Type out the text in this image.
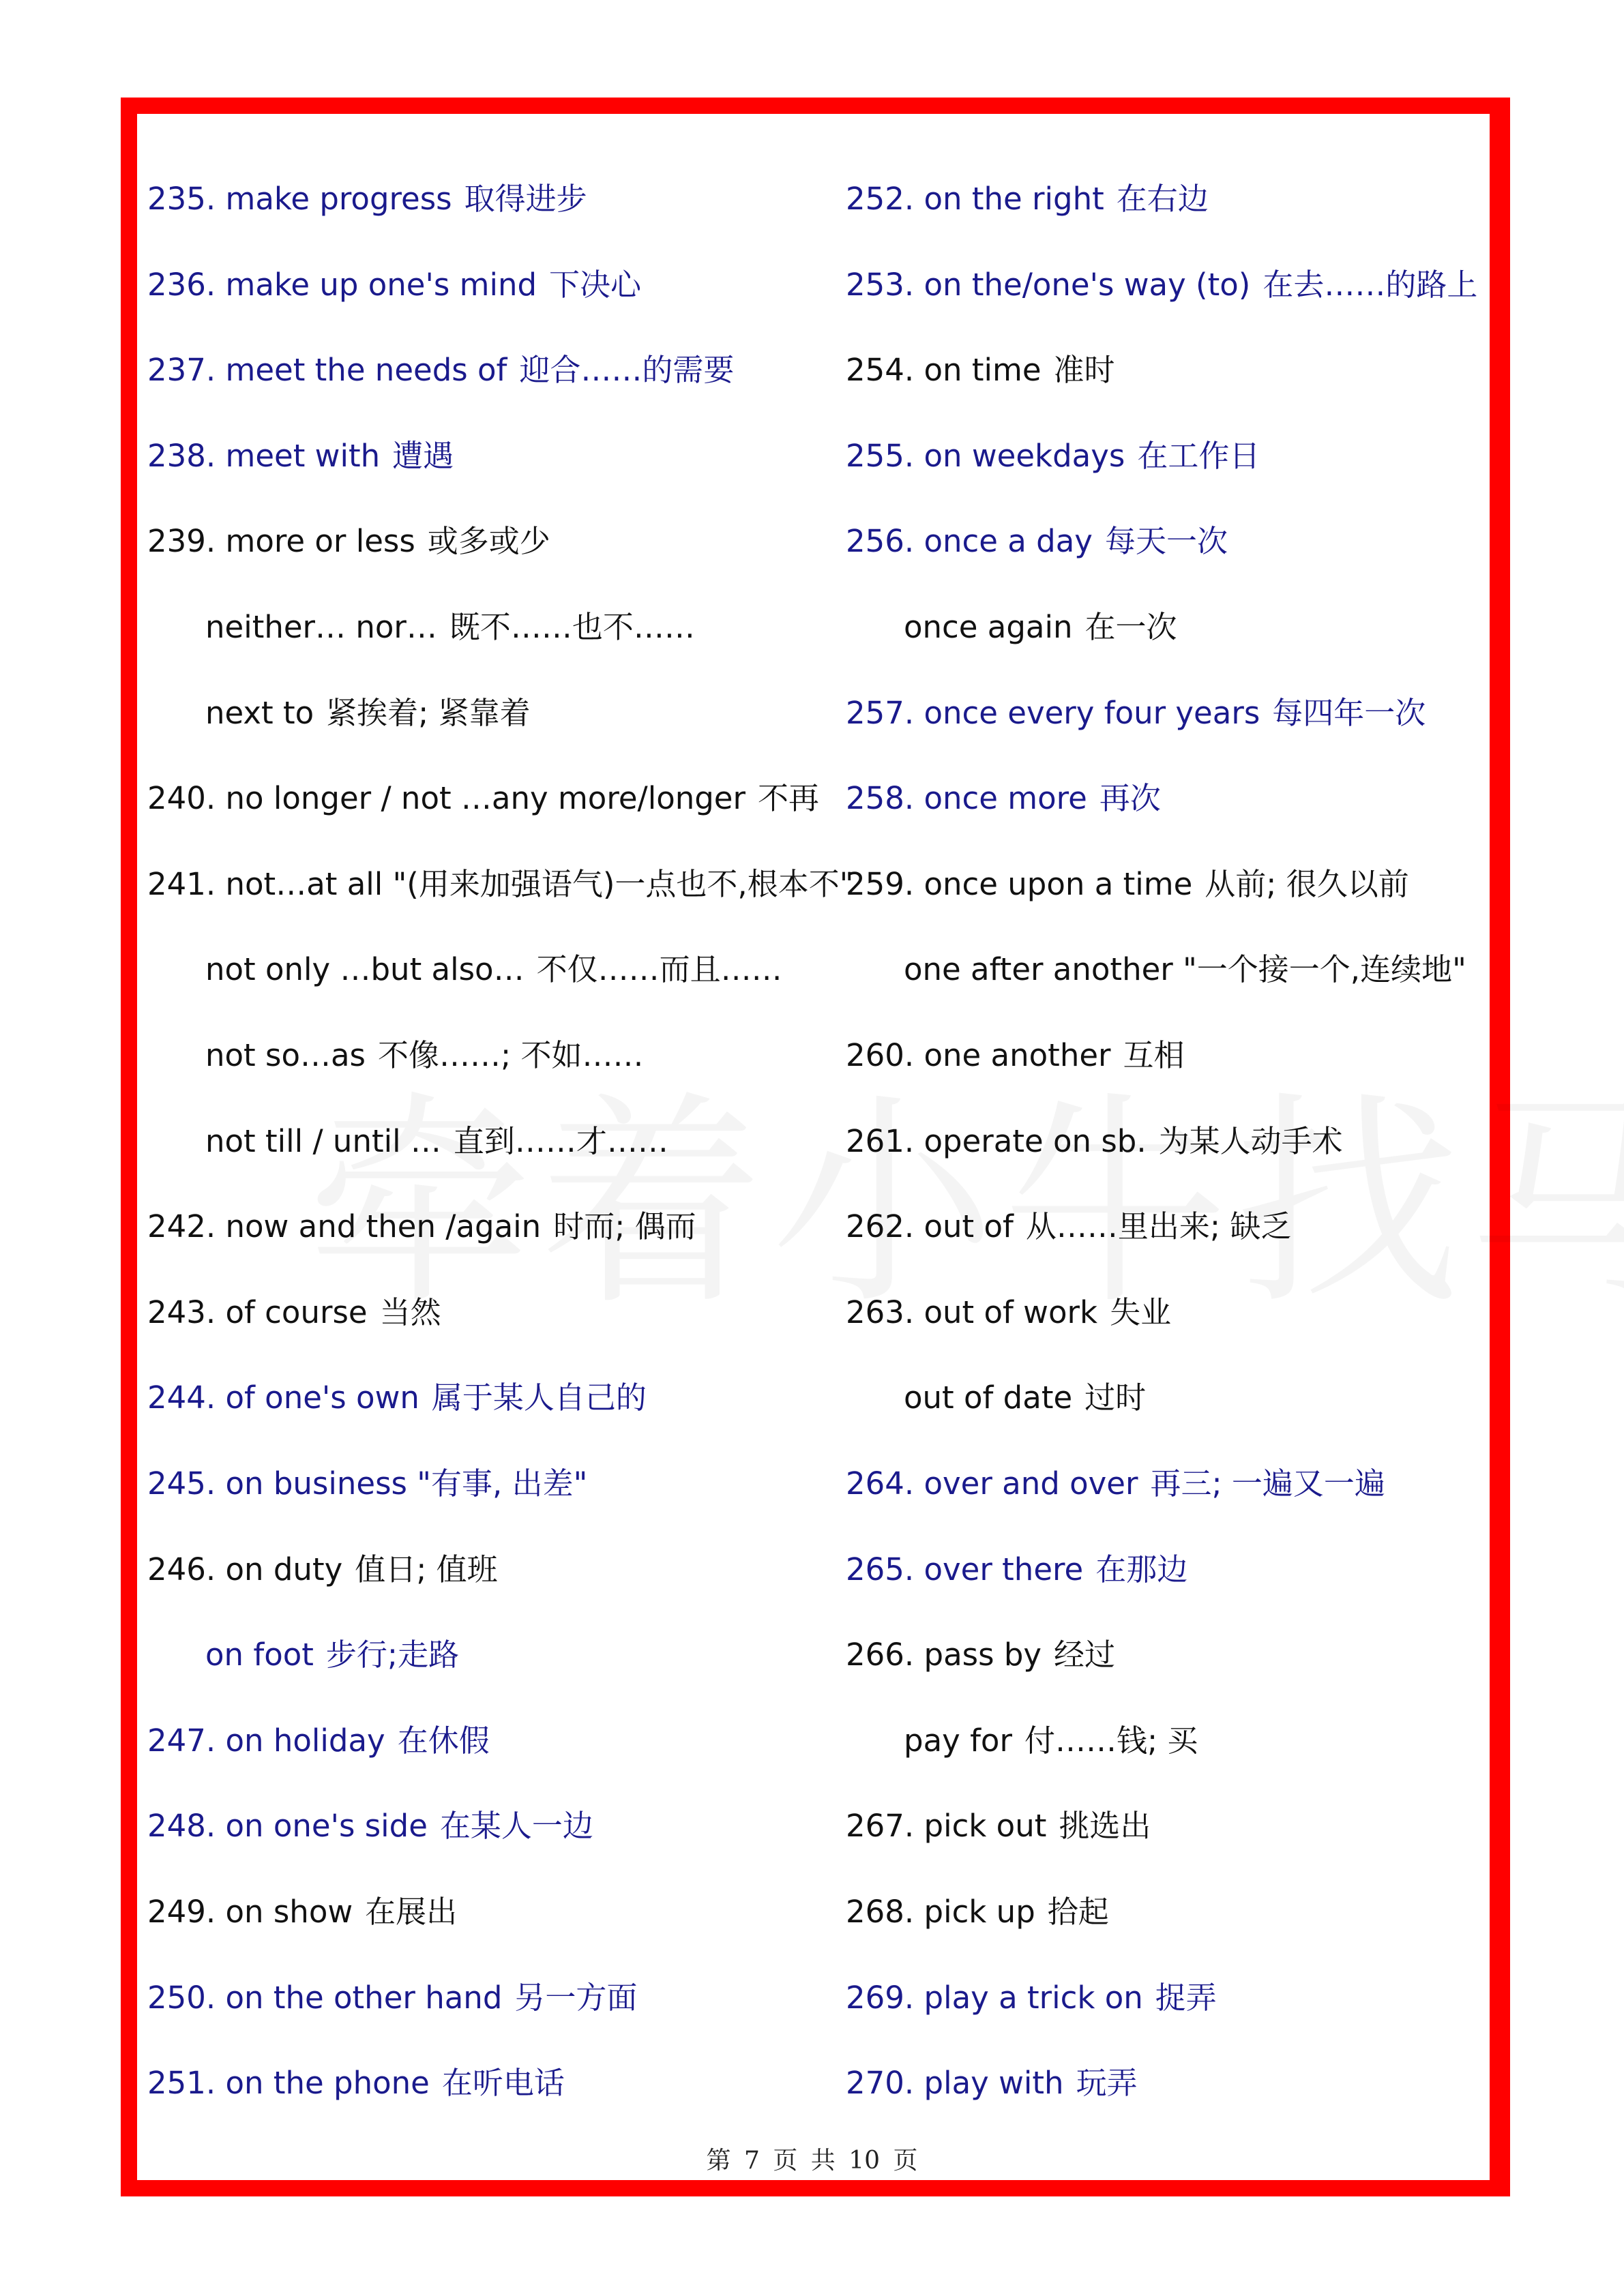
235. make progress 取得进步
236. make up one's mind 下决心
237. meet the needs of 迎合……的需要
238. meet with 遭遇
239. more or less 或多或少
neither… nor… 既不……也不……
next to 紧挨着; 紧靠着
240. no longer / not …any more/longer 不再
241. not…at all "(用来加强语气)一点也不,根本不"
not only …but also… 不仅……而且……
not so…as 不像……; 不如……
not till / until … 直到……才……
242. now and then /again 时而; 偶而
243. of course 当然
244. of one's own 属于某人自己的
245. on business "有事, 出差"
246. on duty 值日; 值班
on foot 步行;走路
247. on holiday 在休假
248. on one's side 在某人一边
249. on show 在展出
250. on the other hand 另一方面
251. on the phone 在听电话
252. on the right 在右边
253. on the/one's way (to) 在去……的路上
254. on time 准时
255. on weekdays 在工作日
256. once a day 每天一次
once again 在一次
257. once every four years 每四年一次
258. once more 再次
259. once upon a time 从前; 很久以前
one after another "一个接一个,连续地"
260. one another 互相
261. operate on sb. 为某人动手术
262. out of 从……里出来; 缺乏
263. out of work 失业
out of date 过时
264. over and over 再三; 一遍又一遍
265. over there 在那边
266. pass by 经过
pay for 付……钱; 买
267. pick out 挑选出
268. pick up 拾起
269. play a trick on 捉弄
270. play with 玩弄
第 7 页 共 10 页
